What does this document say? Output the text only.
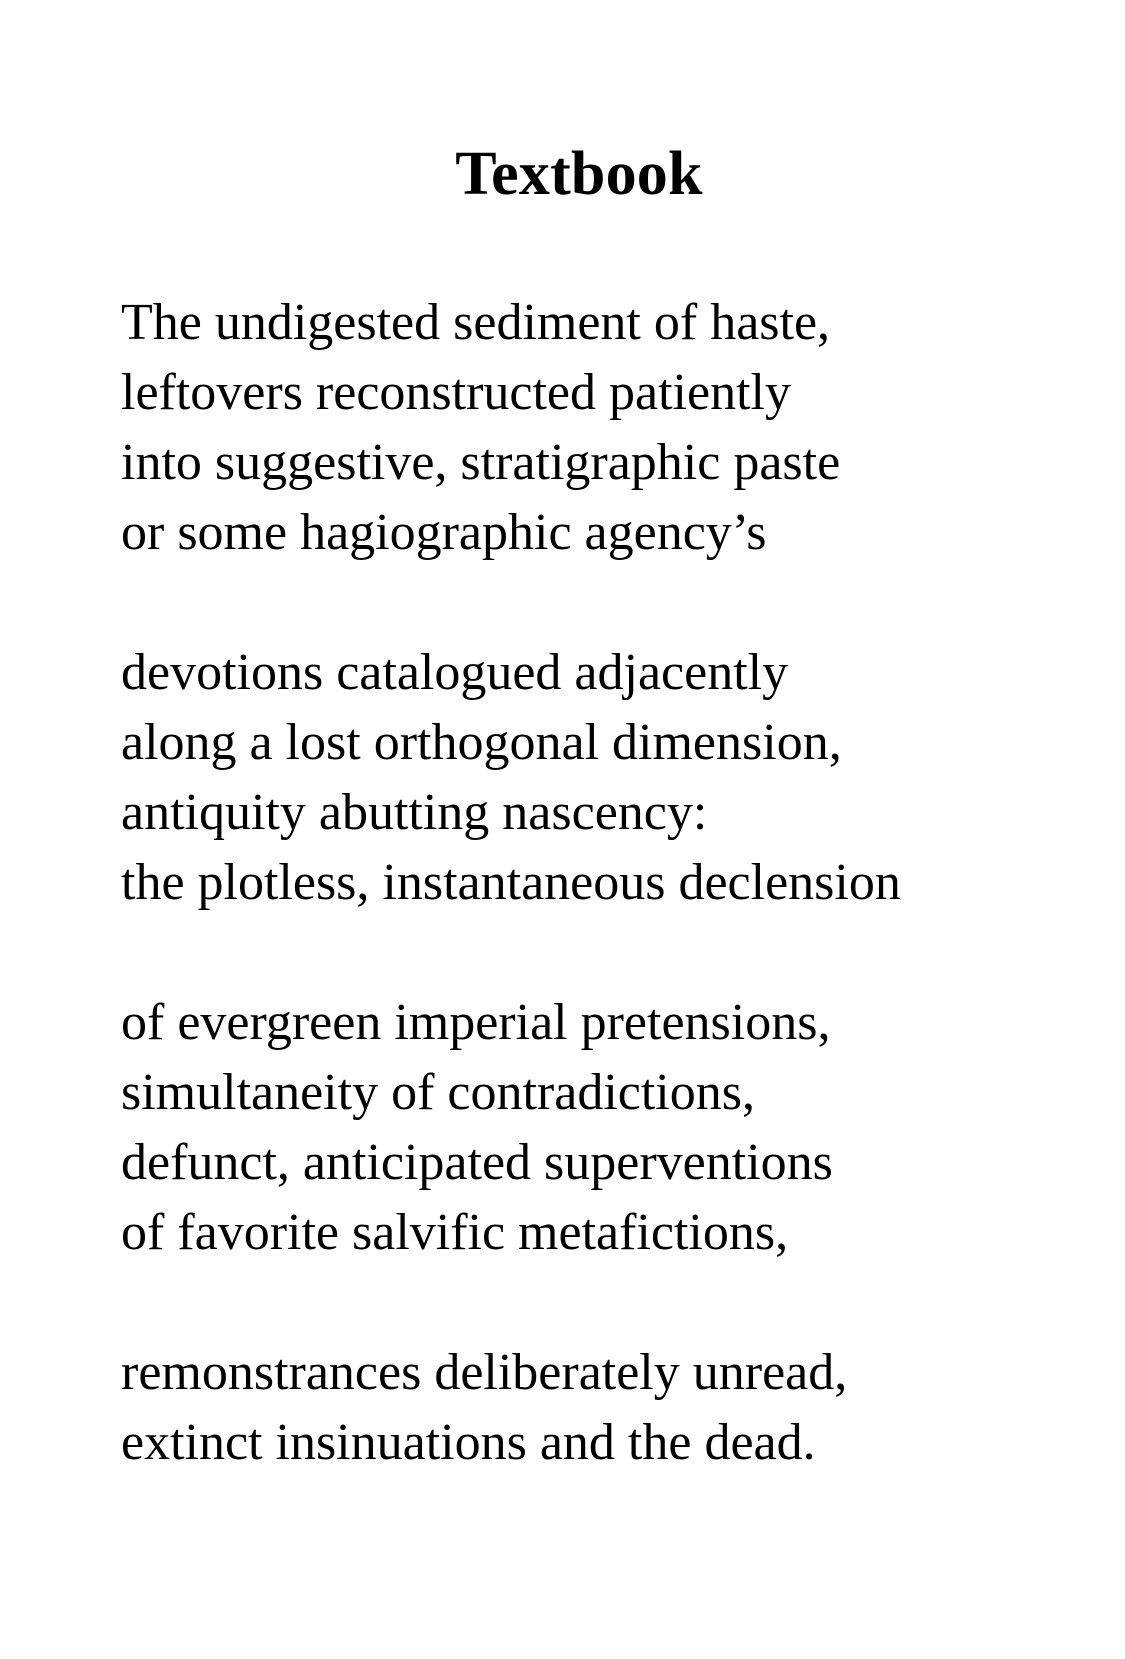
Textbook
The undigested sediment of haste,
leftovers reconstructed patiently
into suggestive, stratigraphic paste
or some hagiographic agency’s
devotions catalogued adjacently
along a lost orthogonal dimension,
antiquity abutting nascency:
the plotless, instantaneous declension
of evergreen imperial pretensions,
simultaneity of contradictions,
defunct, anticipated superventions
of favorite salvific metafictions,
remonstrances deliberately unread,
extinct insinuations and the dead.
